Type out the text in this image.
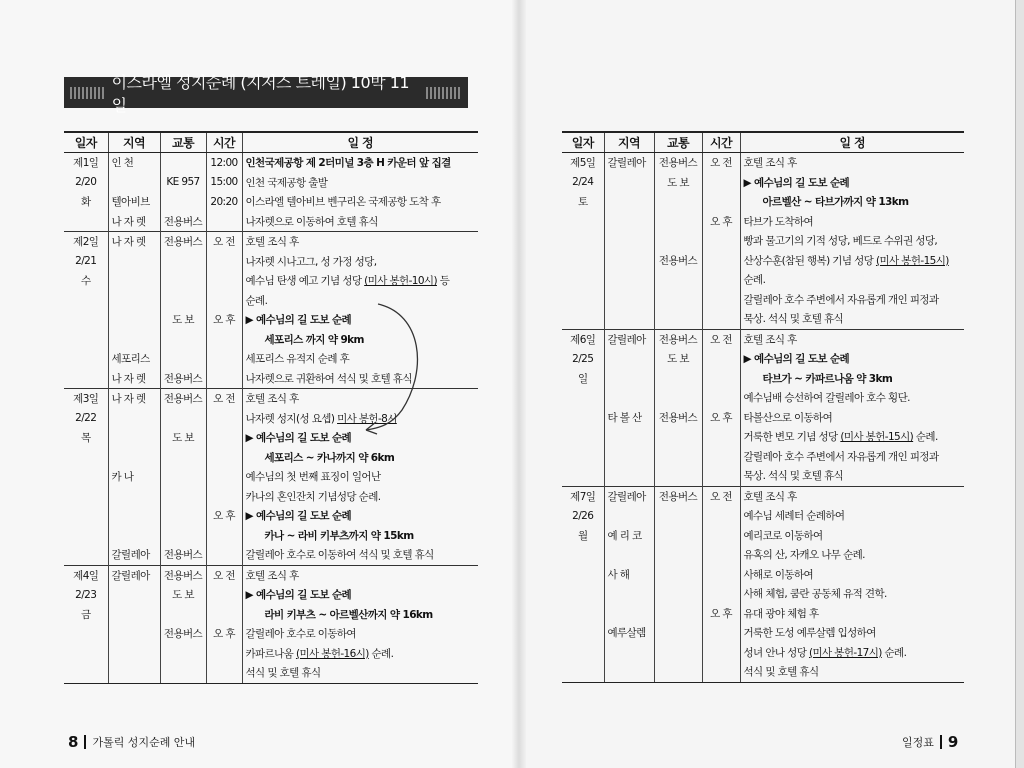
이스라엘 성지순례 (지저스 트레일) 10박 11일
일자	지역	교통	시간	일 정
제1일	인 천		12:00	인천국제공항 제 2터미널 3층 H 카운터 앞 집결
2/20		KE 957	15:00	인천 국제공항 출발
화	텔아비브		20:20	이스라엘 텔아비브 벤구리온 국제공항 도착 후
	나 자 렛	전용버스		나자렛으로 이동하여 호텔 휴식
제2일	나 자 렛	전용버스	오 전	호텔 조식 후
2/21				나자렛 시나고그, 성 가정 성당,
수				예수님 탄생 예고 기념 성당 (미사 봉헌-10시) 등
				순례.
		도 보	오 후	▶ 예수님의 길 도보 순례
				세포리스 까지 약 9km
	세포리스			세포리스 유적지 순례 후
	나 자 렛	전용버스		나자렛으로 귀환하여 석식 및 호텔 휴식
제3일	나 자 렛	전용버스	오 전	호텔 조식 후
2/22				나자렛 성지(성 요셉) 미사 봉헌-8시
목		도 보		▶ 예수님의 길 도보 순례
				세포리스 ~ 카나까지 약 6km
	카 나			예수님의 첫 번째 표징이 일어난
				카나의 혼인잔치 기념성당 순례.
			오 후	▶ 예수님의 길 도보 순례
				카나 ~ 라비 키부츠까지 약 15km
	갈릴레아	전용버스		갈릴레아 호수로 이동하여 석식 및 호텔 휴식
제4일	갈릴레아	전용버스	오 전	호텔 조식 후
2/23		도 보		▶ 예수님의 길 도보 순례
금				라비 키부츠 ~ 아르벨산까지 약 16km
		전용버스	오 후	갈릴레아 호수로 이동하여
				카파르나움 (미사 봉헌-16시) 순례.
				석식 및 호텔 휴식
일자	지역	교통	시간	일 정
제5일	갈릴레아	전용버스	오 전	호텔 조식 후
2/24		도 보		▶ 예수님의 길 도보 순례
토				아르벨산 ~ 타브가까지 약 13km
			오 후	타브가 도착하여
				빵과 물고기의 기적 성당, 베드로 수위권 성당,
		전용버스		산상수훈(참된 행복) 기념 성당 (미사 봉헌-15시)
				순례.
				갈릴레아 호수 주변에서 자유롭게 개인 피정과
				묵상. 석식 및 호텔 휴식
제6일	갈릴레아	전용버스	오 전	호텔 조식 후
2/25		도 보		▶ 예수님의 길 도보 순례
일				타브가 ~ 카파르나움 약 3km
				예수님배 승선하여 갈릴레아 호수 횡단.
	타 볼 산	전용버스	오 후	타볼산으로 이동하여
				거룩한 변모 기념 성당 (미사 봉헌-15시) 순례.
				갈릴레아 호수 주변에서 자유롭게 개인 피정과
				묵상. 석식 및 호텔 휴식
제7일	갈릴레아	전용버스	오 전	호텔 조식 후
2/26				예수님 세례터 순례하여
월	예 리 코			예리코로 이동하여
				유혹의 산, 자캐오 나무 순례.
	사 해			사해로 이동하여
				사해 체험, 쿰란 공동체 유적 견학.
			오 후	유대 광야 체험 후
	예루살렘			거룩한 도성 예루살렘 입성하여
				성녀 안나 성당 (미사 봉헌-17시) 순례.
				석식 및 호텔 휴식
8 가톨릭 성지순례 안내	일정표 9
